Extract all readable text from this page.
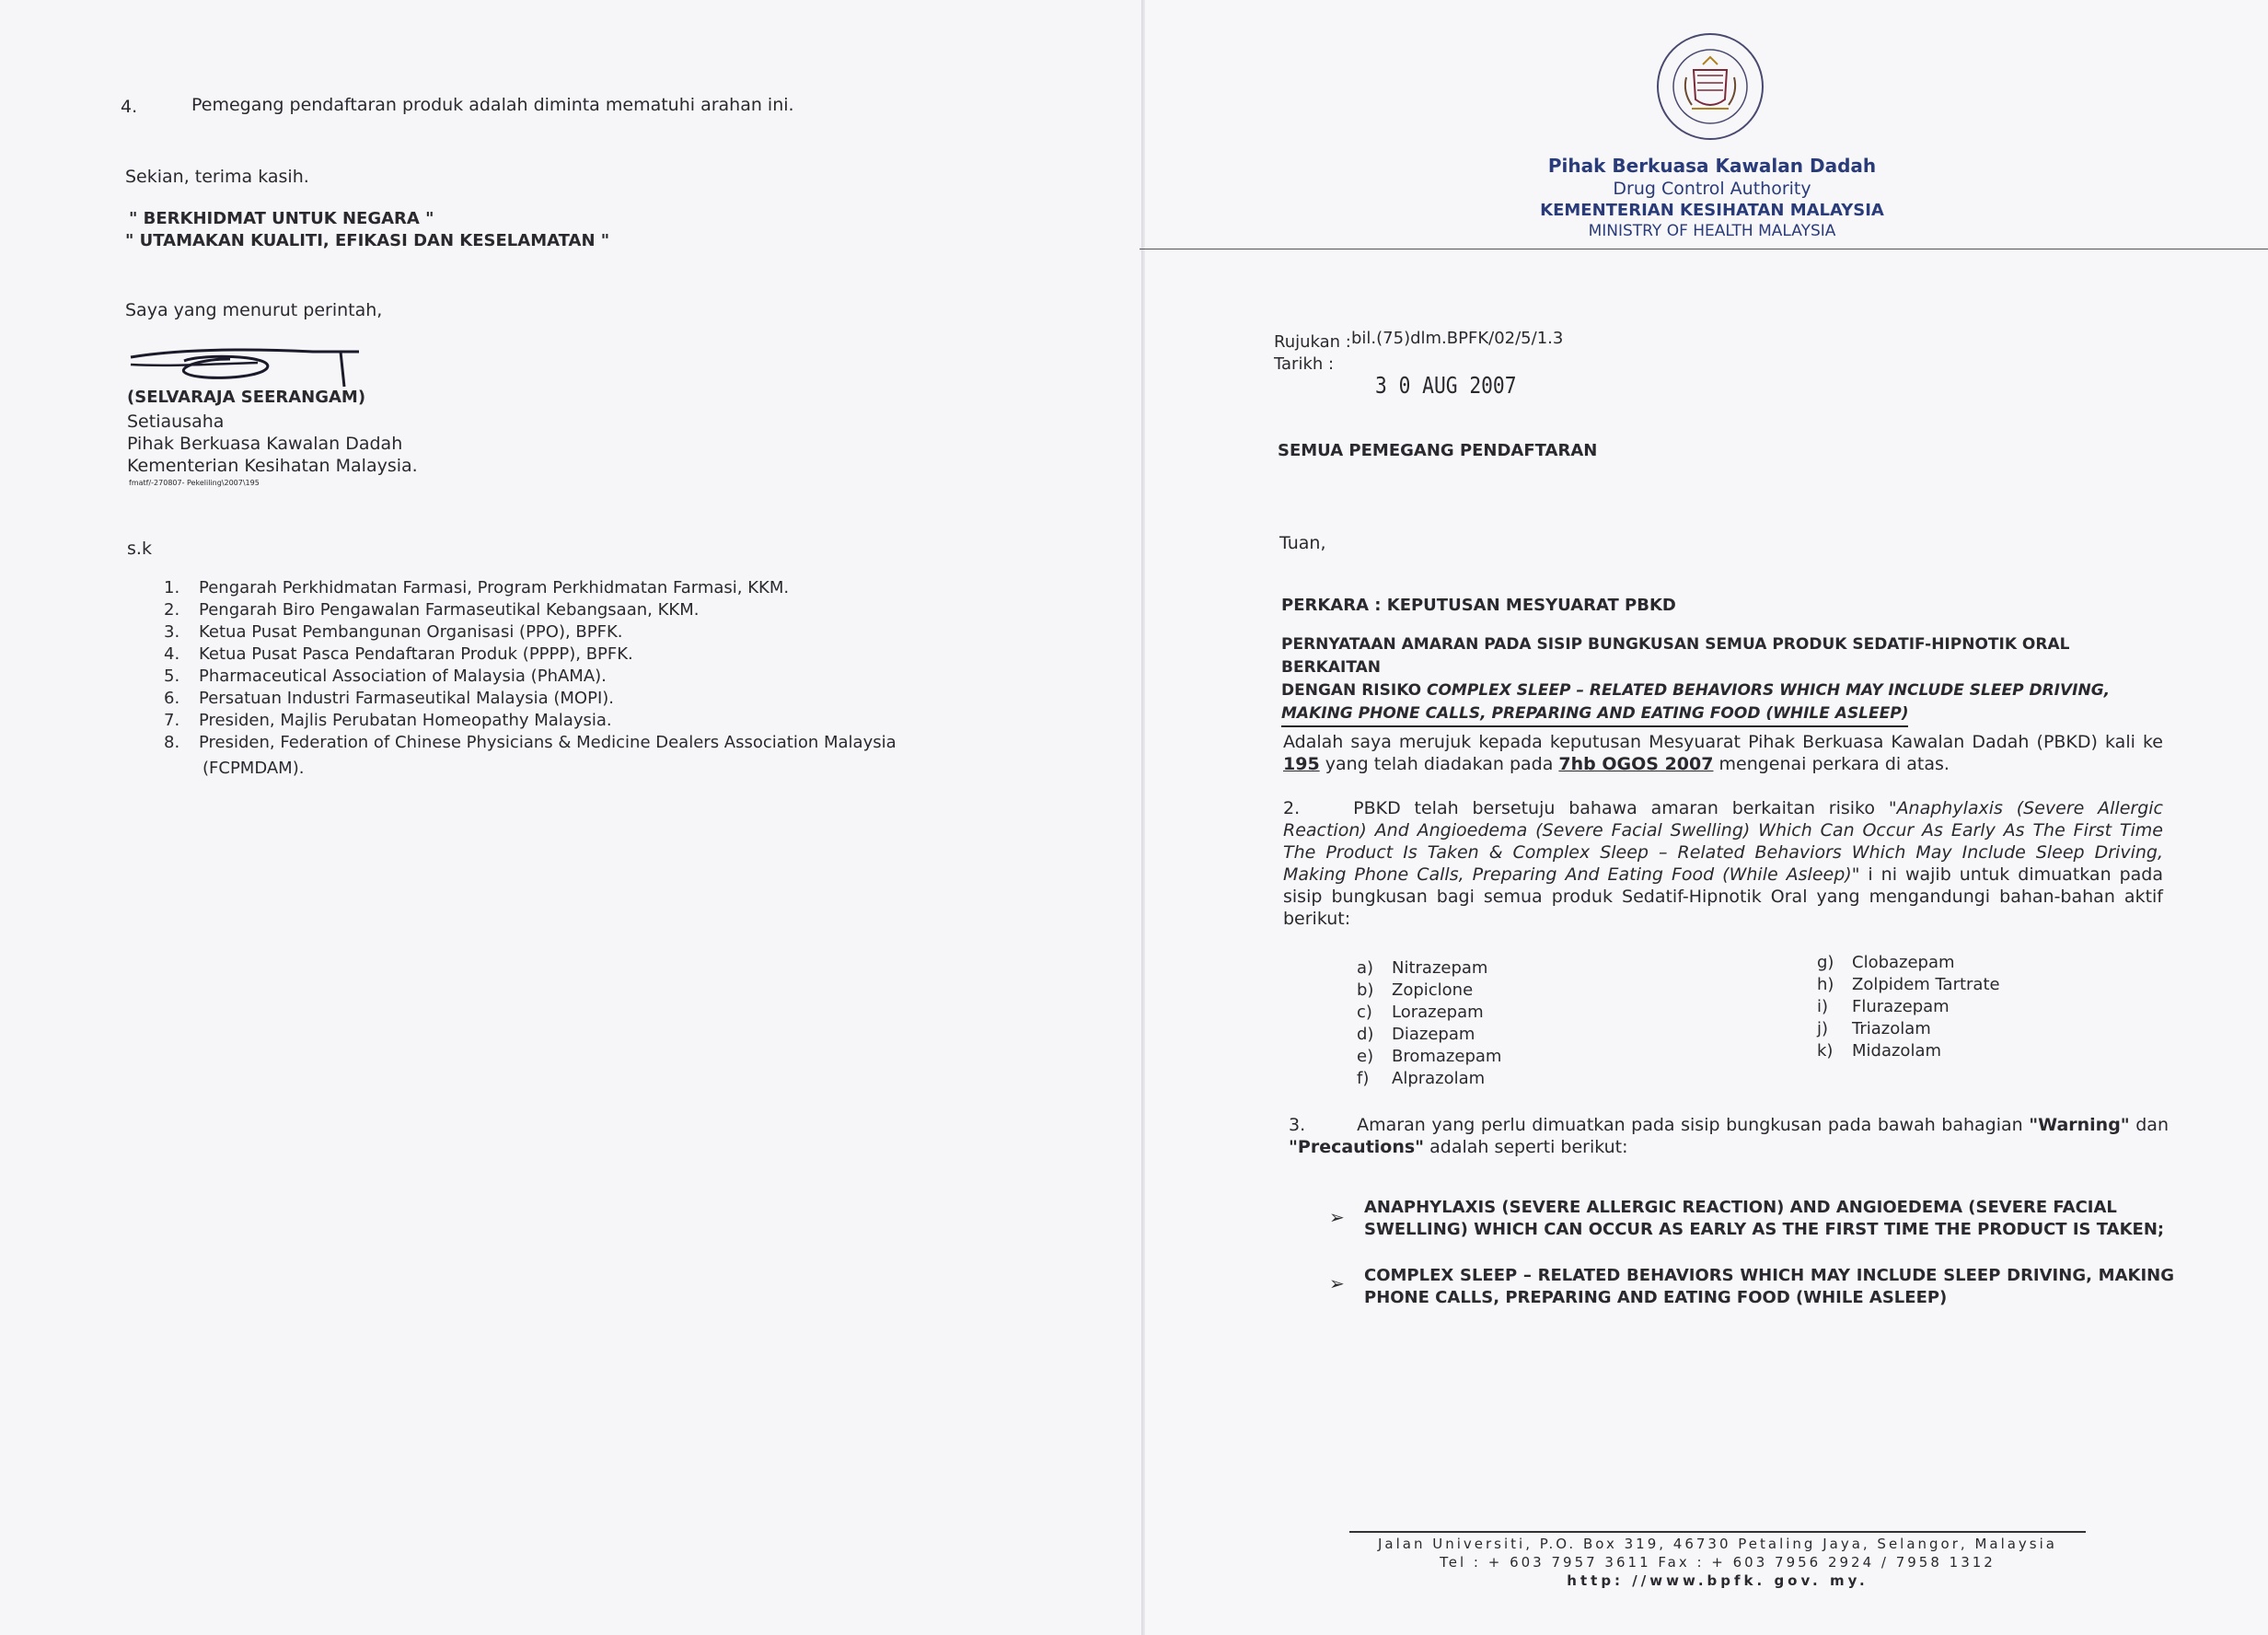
4.	Pemegang pendaftaran produk adalah diminta mematuhi arahan ini.
Sekian, terima kasih.
" BERKHIDMAT UNTUK NEGARA "
" UTAMAKAN KUALITI, EFIKASI DAN KESELAMATAN "
Saya yang menurut perintah,
(SELVARAJA SEERANGAM)
Setiausaha
Pihak Berkuasa Kawalan Dadah
Kementerian Kesihatan Malaysia.
fmatf/-270807- Pekeliling\2007\195
s.k
1. Pengarah Perkhidmatan Farmasi, Program Perkhidmatan Farmasi, KKM.
2. Pengarah Biro Pengawalan Farmaseutikal Kebangsaan, KKM.
3. Ketua Pusat Pembangunan Organisasi (PPO), BPFK.
4. Ketua Pusat Pasca Pendaftaran Produk (PPPP), BPFK.
5. Pharmaceutical Association of Malaysia (PhAMA).
6. Persatuan Industri Farmaseutikal Malaysia (MOPI).
7. Presiden, Majlis Perubatan Homeopathy Malaysia.
8. Presiden, Federation of Chinese Physicians & Medicine Dealers Association Malaysia
(FCPMDAM).
Pihak Berkuasa Kawalan Dadah
Drug Control Authority
KEMENTERIAN KESIHATAN MALAYSIA
MINISTRY OF HEALTH MALAYSIA
Rujukan : bil.(75)dlm.BPFK/02/5/1.3
Tarikh :
3 0 AUG 2007
SEMUA PEMEGANG PENDAFTARAN
Tuan,
PERKARA : KEPUTUSAN MESYUARAT PBKD
PERNYATAAN AMARAN PADA SISIP BUNGKUSAN SEMUA PRODUK SEDATIF-HIPNOTIK ORAL BERKAITAN
DENGAN RISIKO COMPLEX SLEEP – RELATED BEHAVIORS WHICH MAY INCLUDE SLEEP DRIVING,
MAKING PHONE CALLS, PREPARING AND EATING FOOD (WHILE ASLEEP)
Adalah saya merujuk kepada keputusan Mesyuarat Pihak Berkuasa Kawalan Dadah (PBKD) kali ke 195 yang telah diadakan pada 7hb OGOS 2007 mengenai perkara di atas.
2.	PBKD telah bersetuju bahawa amaran berkaitan risiko "Anaphylaxis (Severe Allergic Reaction) And Angioedema (Severe Facial Swelling) Which Can Occur As Early As The First Time The Product Is Taken & Complex Sleep – Related Behaviors Which May Include Sleep Driving, Making Phone Calls, Preparing And Eating Food (While Asleep)" i ni wajib untuk dimuatkan pada sisip bungkusan bagi semua produk Sedatif-Hipnotik Oral yang mengandungi bahan-bahan aktif berikut:
a) Nitrazepam
b) Zopiclone
c) Lorazepam
d) Diazepam
e) Bromazepam
f) Alprazolam
g) Clobazepam
h) Zolpidem Tartrate
i) Flurazepam
j) Triazolam
k) Midazolam
3.	Amaran yang perlu dimuatkan pada sisip bungkusan pada bawah bahagian "Warning" dan "Precautions" adalah seperti berikut:
➢ ANAPHYLAXIS (SEVERE ALLERGIC REACTION) AND ANGIOEDEMA (SEVERE FACIAL SWELLING) WHICH CAN OCCUR AS EARLY AS THE FIRST TIME THE PRODUCT IS TAKEN;
➢ COMPLEX SLEEP – RELATED BEHAVIORS WHICH MAY INCLUDE SLEEP DRIVING, MAKING PHONE CALLS, PREPARING AND EATING FOOD (WHILE ASLEEP)
Jalan Universiti, P.O. Box 319, 46730 Petaling Jaya, Selangor, Malaysia
Tel : + 603 7957 3611 Fax : + 603 7956 2924 / 7958 1312
http: //www.bpfk. gov. my.
